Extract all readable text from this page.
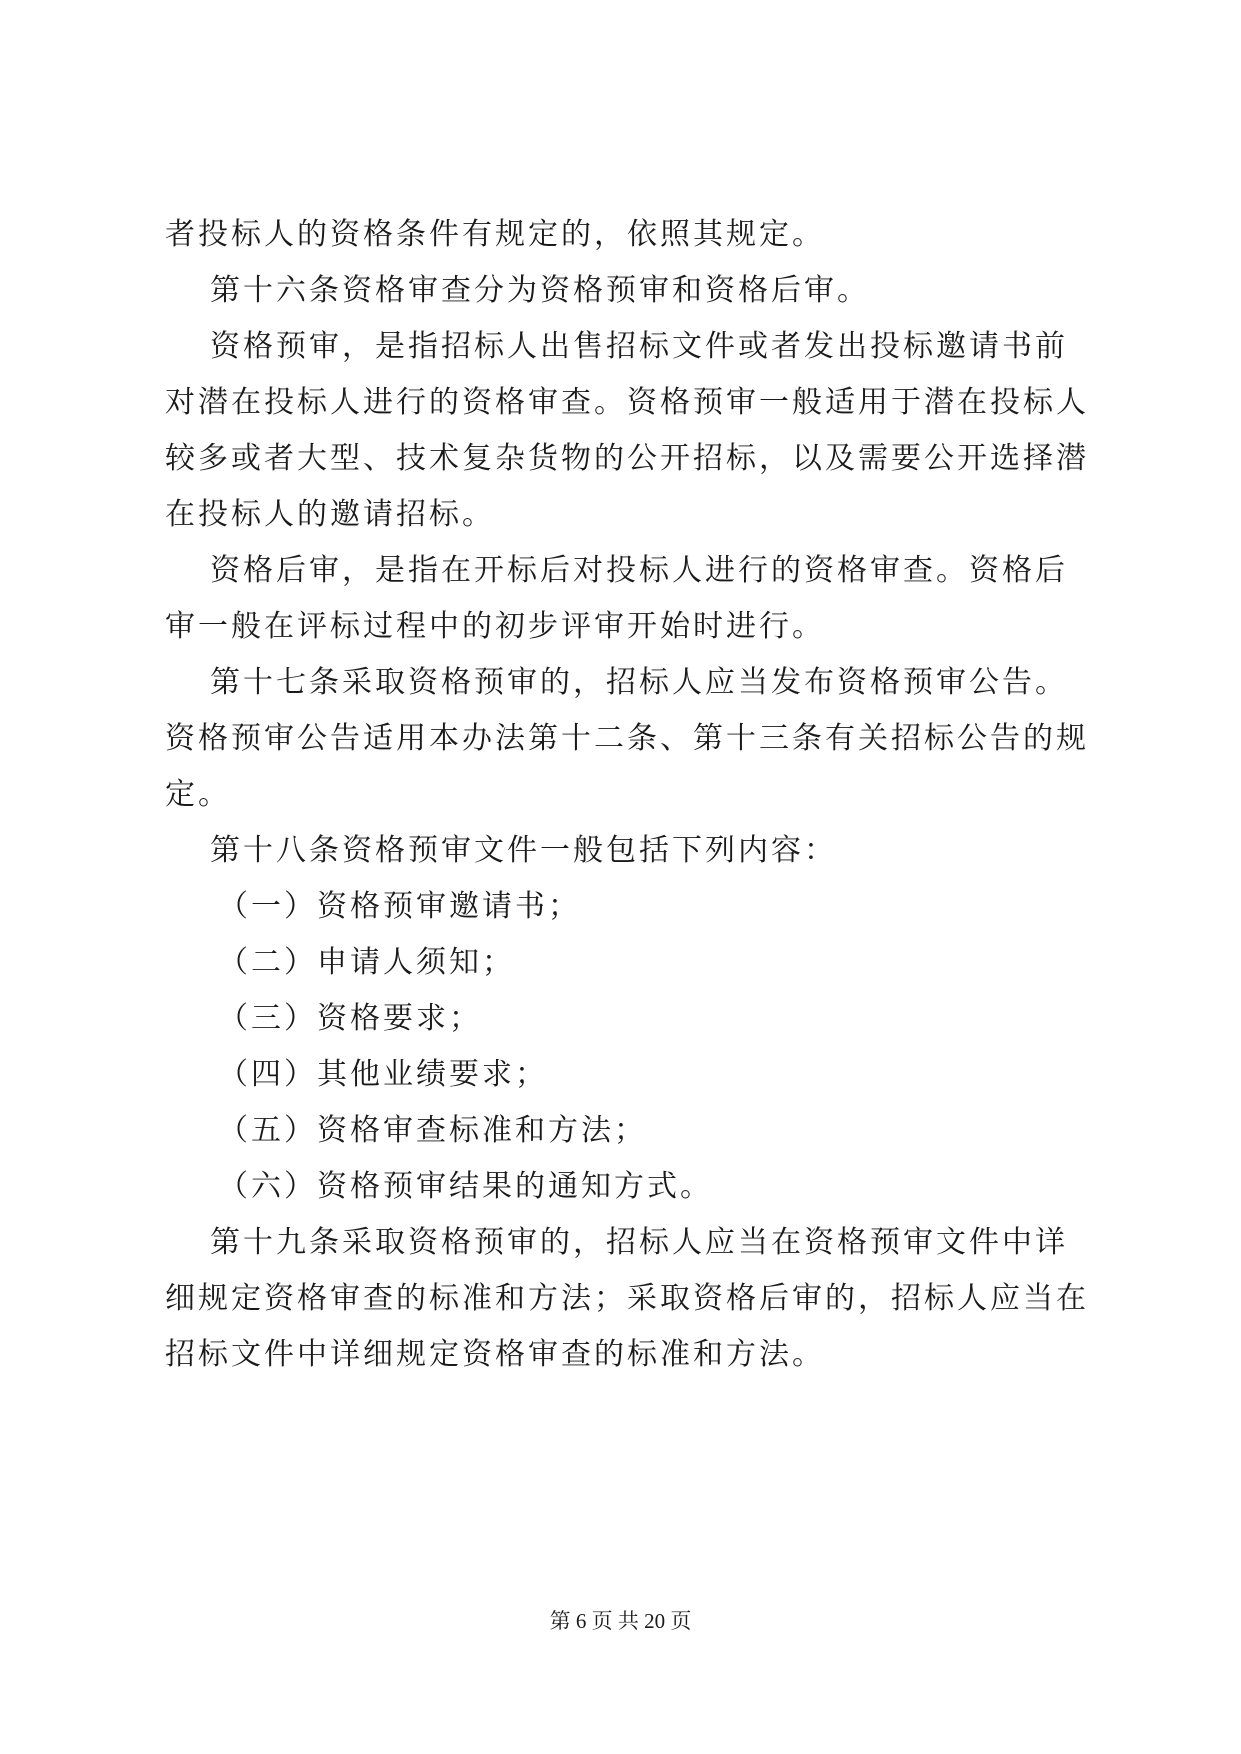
者投标人的资格条件有规定的，依照其规定。
第十六条资格审查分为资格预审和资格后审。
资格预审，是指招标人出售招标文件或者发出投标邀请书前
对潜在投标人进行的资格审查。资格预审一般适用于潜在投标人
较多或者大型、技术复杂货物的公开招标，以及需要公开选择潜
在投标人的邀请招标。
资格后审，是指在开标后对投标人进行的资格审查。资格后
审一般在评标过程中的初步评审开始时进行。
第十七条采取资格预审的，招标人应当发布资格预审公告。
资格预审公告适用本办法第十二条、第十三条有关招标公告的规
定。
第十八条资格预审文件一般包括下列内容：
（一）资格预审邀请书；
（二）申请人须知；
（三）资格要求；
（四）其他业绩要求；
（五）资格审查标准和方法；
（六）资格预审结果的通知方式。
第十九条采取资格预审的，招标人应当在资格预审文件中详
细规定资格审查的标准和方法；采取资格后审的，招标人应当在
招标文件中详细规定资格审查的标准和方法。
第 6 页 共 20 页
